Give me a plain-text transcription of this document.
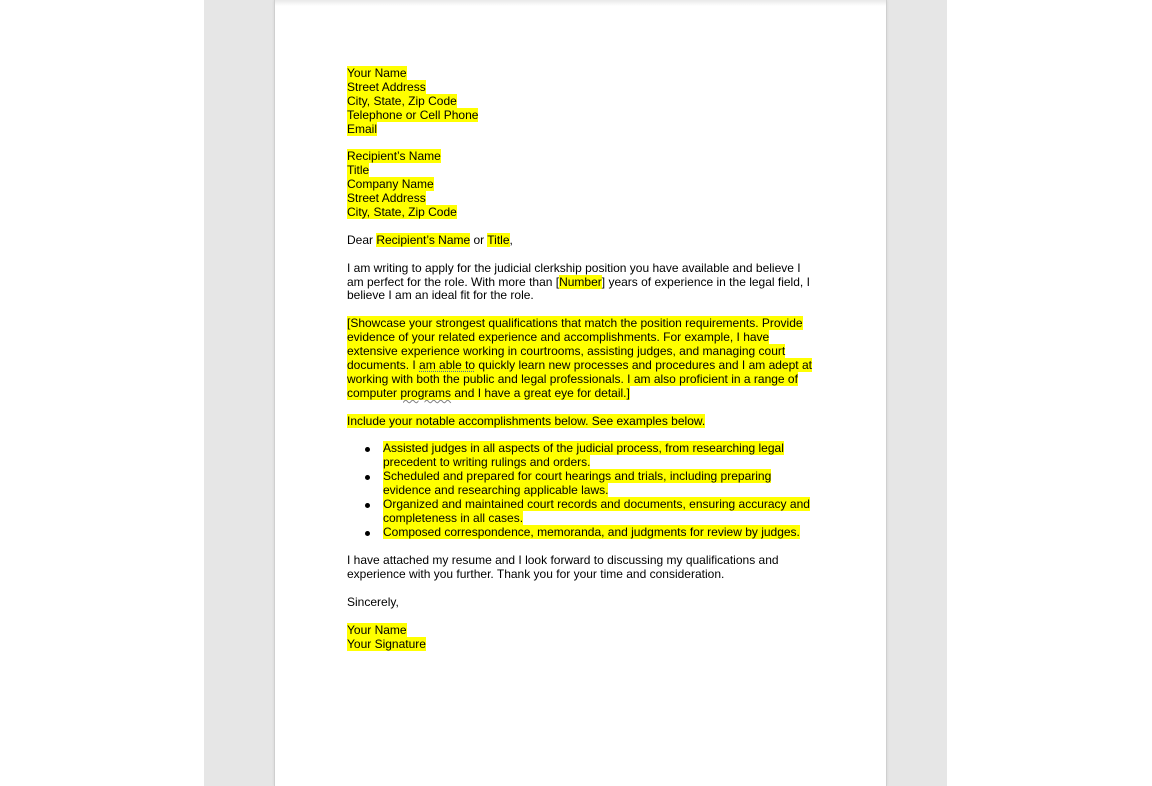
Your Name
Street Address
City, State, Zip Code
Telephone or Cell Phone
Email
Recipient’s Name
Title
Company Name
Street Address
City, State, Zip Code
Dear Recipient’s Name or Title,
I am writing to apply for the judicial clerkship position you have available and believe I
am perfect for the role. With more than [Number] years of experience in the legal field, I
believe I am an ideal fit for the role.
[Showcase your strongest qualifications that match the position requirements. Provide
evidence of your related experience and accomplishments. For example, I have
extensive experience working in courtrooms, assisting judges, and managing court
documents. I am able to quickly learn new processes and procedures and I am adept at
working with both the public and legal professionals. I am also proficient in a range of
computer programs and I have a great eye for detail.]
Include your notable accomplishments below. See examples below.
Assisted judges in all aspects of the judicial process, from researching legal
precedent to writing rulings and orders.
Scheduled and prepared for court hearings and trials, including preparing
evidence and researching applicable laws.
Organized and maintained court records and documents, ensuring accuracy and
completeness in all cases.
Composed correspondence, memoranda, and judgments for review by judges.
I have attached my resume and I look forward to discussing my qualifications and
experience with you further. Thank you for your time and consideration.
Sincerely,
Your Name
Your Signature
